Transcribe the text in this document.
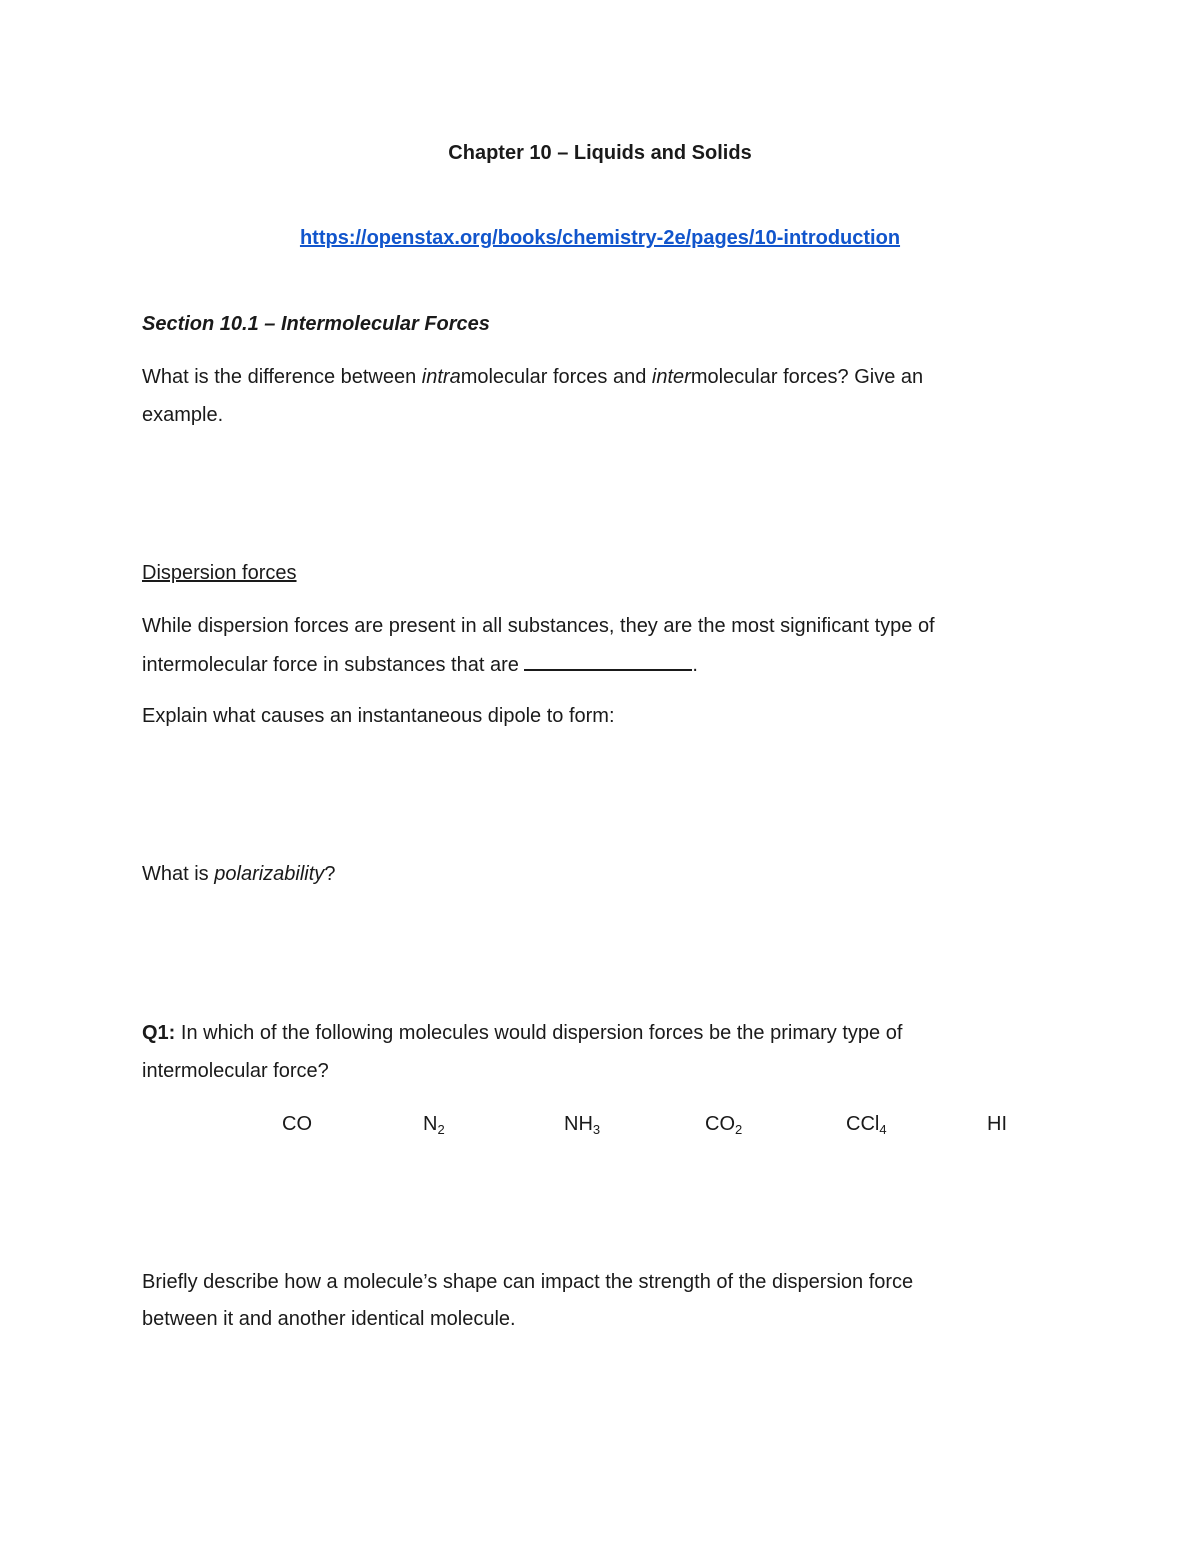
Chapter 10 – Liquids and Solids
https://openstax.org/books/chemistry-2e/pages/10-introduction
Section 10.1 – Intermolecular Forces
What is the difference between intramolecular forces and intermolecular forces? Give an
example.
Dispersion forces
While dispersion forces are present in all substances, they are the most significant type of
intermolecular force in substances that are	.
Explain what causes an instantaneous dipole to form:
What is polarizability?
Q1: In which of the following molecules would dispersion forces be the primary type of
intermolecular force?
CO	$N_2$	$NH_3$	$CO_2$	CCl$_4$	HI
Briefly describe how a molecule’s shape can impact the strength of the dispersion force
between it and another identical molecule.
